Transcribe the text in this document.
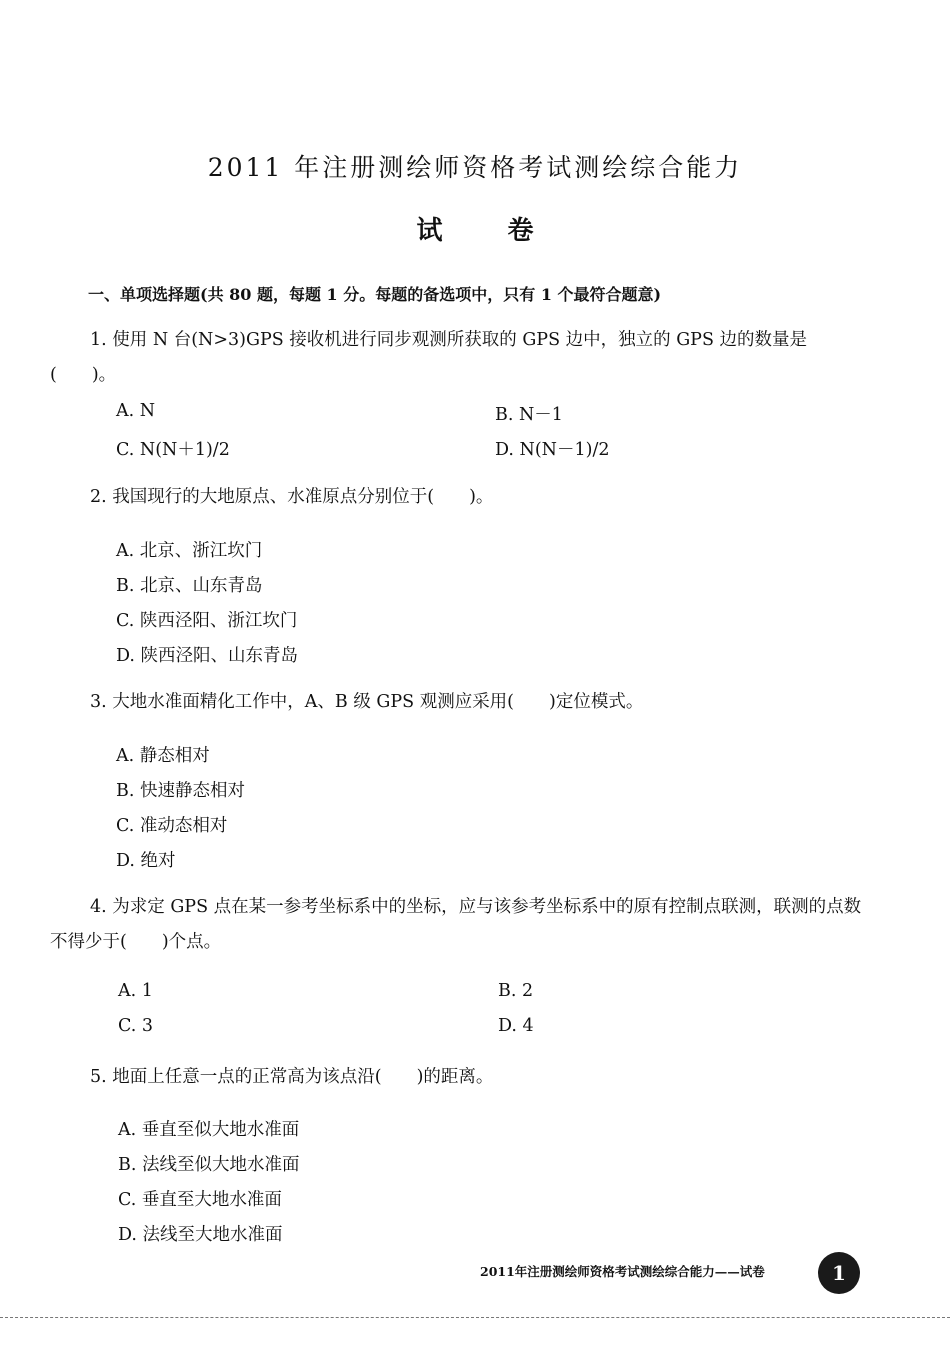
2011 年注册测绘师资格考试测绘综合能力
试 卷
一、单项选择题(共 80 题，每题 1 分。每题的备选项中，只有 1 个最符合题意)
1. 使用 N 台(N>3)GPS 接收机进行同步观测所获取的 GPS 边中，独立的 GPS 边的数量是(　　)。
A. N	B. N－1
C. N(N＋1)/2	D. N(N－1)/2
2. 我国现行的大地原点、水准原点分别位于(　　)。
A. 北京、浙江坎门
B. 北京、山东青岛
C. 陕西泾阳、浙江坎门
D. 陕西泾阳、山东青岛
3. 大地水准面精化工作中，A、B 级 GPS 观测应采用(　　)定位模式。
A. 静态相对
B. 快速静态相对
C. 准动态相对
D. 绝对
4. 为求定 GPS 点在某一参考坐标系中的坐标，应与该参考坐标系中的原有控制点联测，联测的点数不得少于(　　)个点。
A. 1	B. 2
C. 3	D. 4
5. 地面上任意一点的正常高为该点沿(　　)的距离。
A. 垂直至似大地水准面
B. 法线至似大地水准面
C. 垂直至大地水准面
D. 法线至大地水准面
2011年注册测绘师资格考试测绘综合能力——试卷	1
